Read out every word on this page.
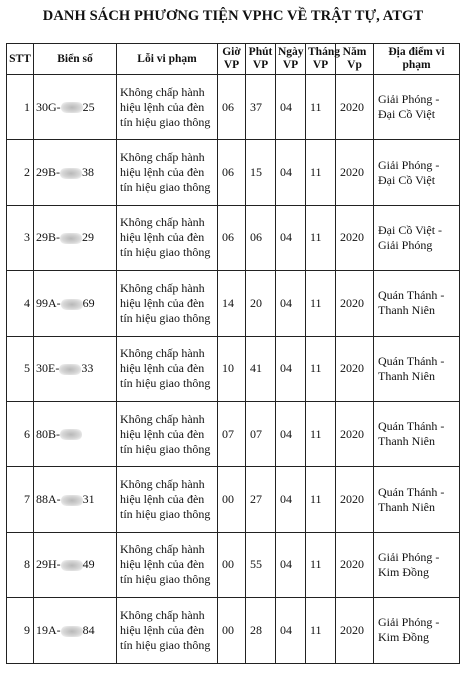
DANH SÁCH PHƯƠNG TIỆN VPHC VỀ TRẬT TỰ, ATGT
STT	Biển số	Lỗi vi phạm	Giờ VP	Phút VP	Ngày VP	Tháng VP	Năm Vp	Địa điểm vi phạm
1	30G- 25	Không chấp hành hiệu lệnh của đèn tín hiệu giao thông	06	37	04	11	2020	Giải Phóng - Đại Cồ Việt
2	29B- 38	Không chấp hành hiệu lệnh của đèn tín hiệu giao thông	06	15	04	11	2020	Giải Phóng - Đại Cồ Việt
3	29B- 29	Không chấp hành hiệu lệnh của đèn tín hiệu giao thông	06	06	04	11	2020	Đại Cồ Việt - Giải Phóng
4	99A- 69	Không chấp hành hiệu lệnh của đèn tín hiệu giao thông	14	20	04	11	2020	Quán Thánh - Thanh Niên
5	30E- 33	Không chấp hành hiệu lệnh của đèn tín hiệu giao thông	10	41	04	11	2020	Quán Thánh - Thanh Niên
6	80B-	Không chấp hành hiệu lệnh của đèn tín hiệu giao thông	07	07	04	11	2020	Quán Thánh - Thanh Niên
7	88A- 31	Không chấp hành hiệu lệnh của đèn tín hiệu giao thông	00	27	04	11	2020	Quán Thánh - Thanh Niên
8	29H- 49	Không chấp hành hiệu lệnh của đèn tín hiệu giao thông	00	55	04	11	2020	Giải Phóng - Kim Đồng
9	19A- 84	Không chấp hành hiệu lệnh của đèn tín hiệu giao thông	00	28	04	11	2020	Giải Phóng - Kim Đồng
